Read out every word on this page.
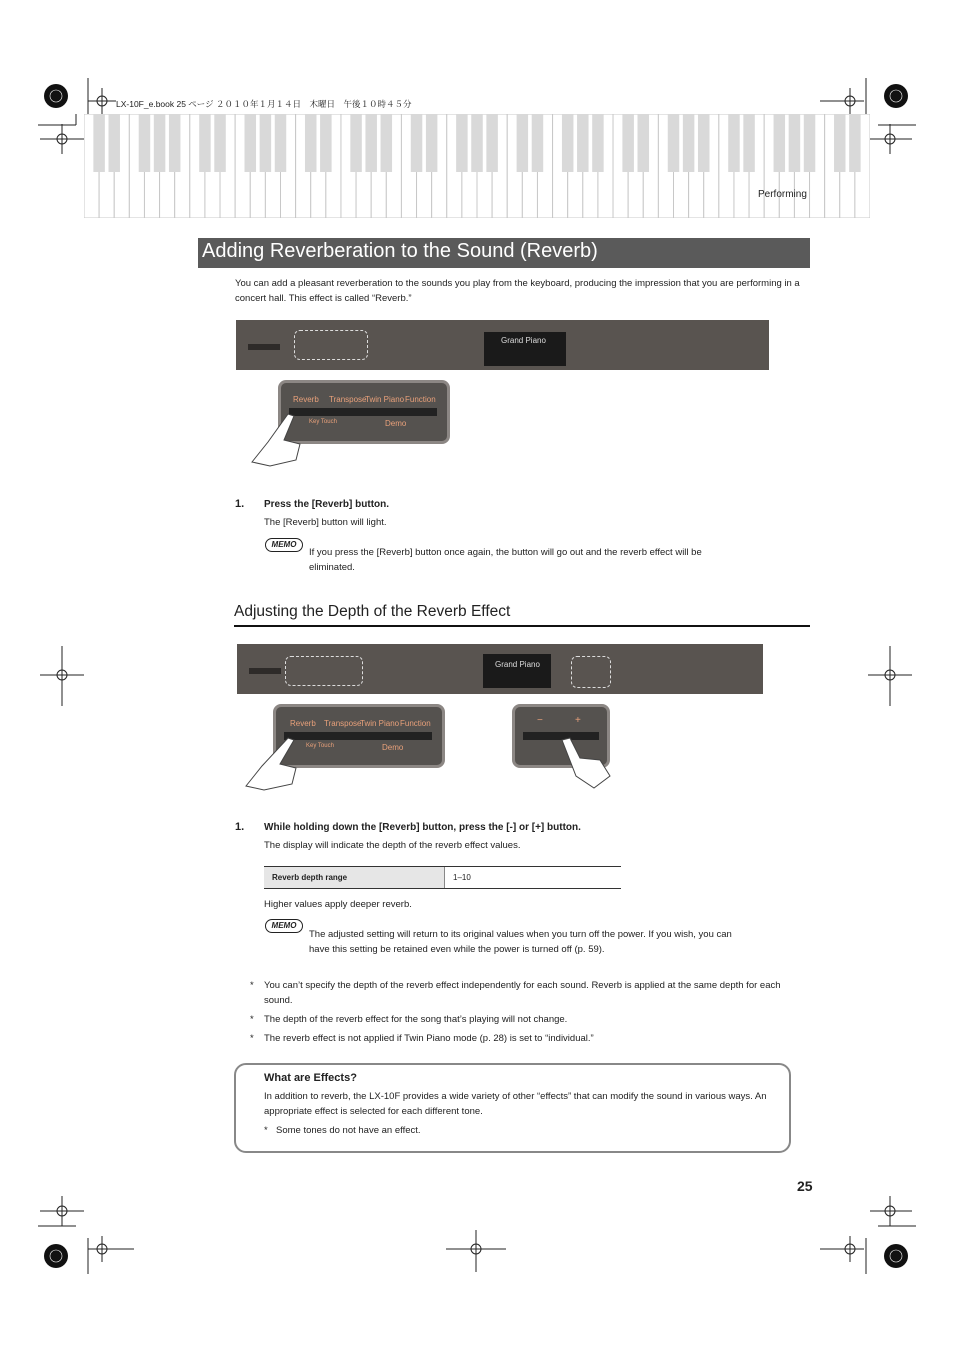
LX-10F_e.book 25 ページ ２０１０年１月１４日　木曜日　午後１０時４５分
Performing
Adding Reverberation to the Sound (Reverb)
You can add a pleasant reverberation to the sounds you play from the keyboard, producing the impression that you are performing in a concert hall. This effect is called “Reverb.”
Grand Piano
Reverb Transpose
Twin Piano Function
Key Touch	Demo
1. Press the [Reverb] button.
The [Reverb] button will light.
MEMO
If you press the [Reverb] button once again, the button will go out and the reverb effect will be eliminated.
Adjusting the Depth of the Reverb Effect
Grand Piano
Reverb Transpose
Twin Piano Function
Key Touch	Demo
−	+
1. While holding down the [Reverb] button, press the [-] or [+] button.
The display will indicate the depth of the reverb effect values.
Reverb depth range	1–10
Higher values apply deeper reverb.
MEMO
The adjusted setting will return to its original values when you turn off the power. If you wish, you can have this setting be retained even while the power is turned off (p. 59).
* You can’t specify the depth of the reverb effect independently for each sound. Reverb is applied at the same depth for each sound.
* The depth of the reverb effect for the song that’s playing will not change.
* The reverb effect is not applied if Twin Piano mode (p. 28) is set to “individual.”
What are Effects?
In addition to reverb, the LX-10F provides a wide variety of other “effects” that can modify the sound in various ways. An appropriate effect is selected for each different tone.
* Some tones do not have an effect.
25
